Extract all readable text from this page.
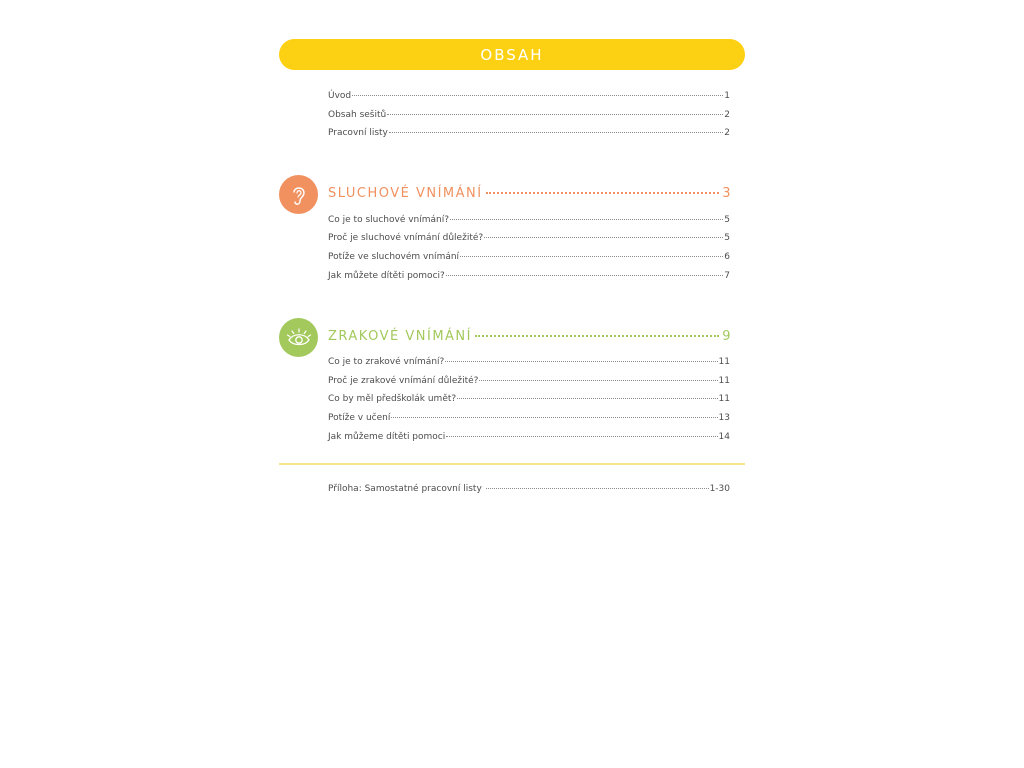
OBSAH
Úvod	1
Obsah sešitů	2
Pracovní listy	2
SLUCHOVÉ VNÍMÁNÍ	3
Co je to sluchové vnímání?	5
Proč je sluchové vnímání důležité?	5
Potíže ve sluchovém vnímání	6
Jak můžete dítěti pomoci?	7
ZRAKOVÉ VNÍMÁNÍ	9
Co je to zrakové vnímání?	11
Proč je zrakové vnímání důležité?	11
Co by měl předškolák umět?	11
Potíže v učení	13
Jak můžeme dítěti pomoci	14
Příloha: Samostatné pracovní listy	1-30
